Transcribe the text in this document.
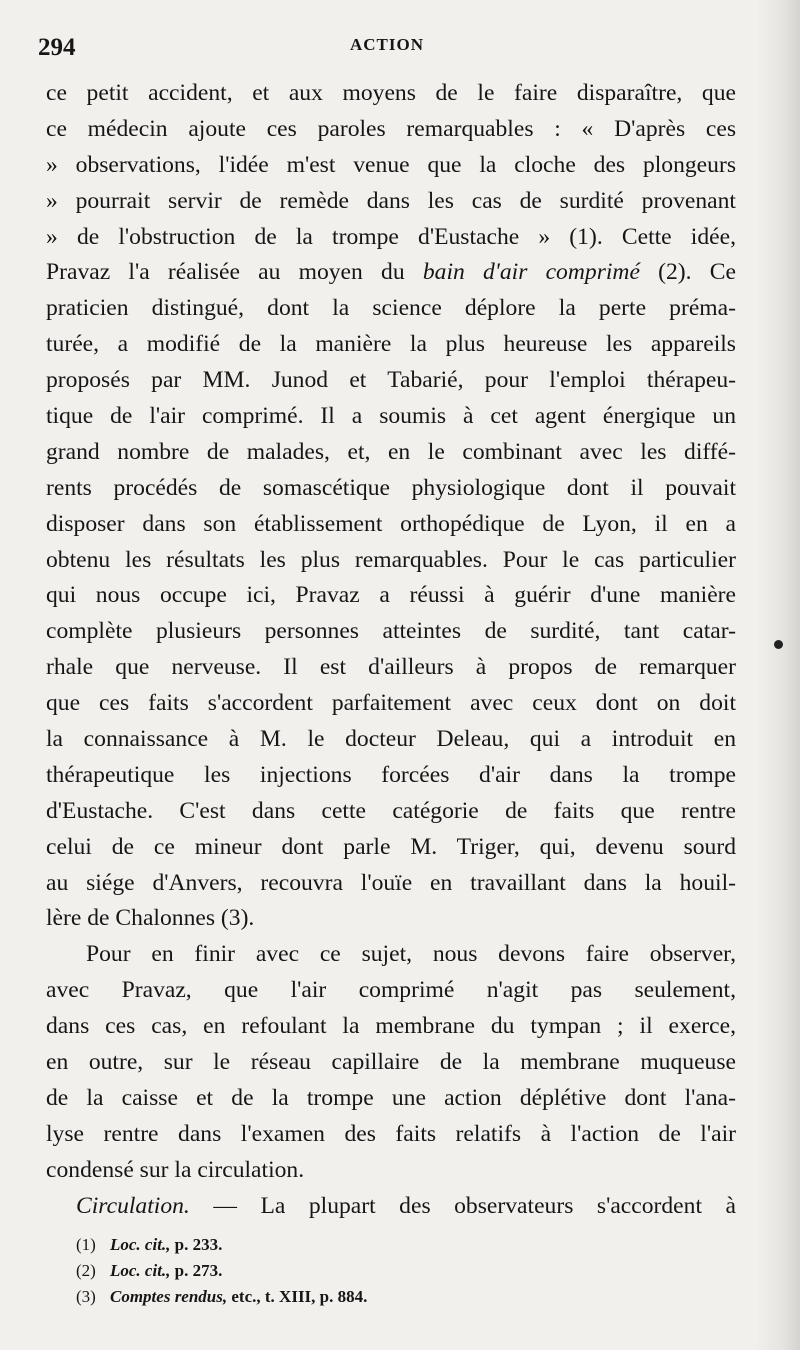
294	ACTION
ce petit accident, et aux moyens de le faire disparaître, que
ce médecin ajoute ces paroles remarquables : « D'après ces
» observations, l'idée m'est venue que la cloche des plongeurs
» pourrait servir de remède dans les cas de surdité provenant
» de l'obstruction de la trompe d'Eustache » (1). Cette idée,
Pravaz l'a réalisée au moyen du bain d'air comprimé (2). Ce
praticien distingué, dont la science déplore la perte préma-
turée, a modifié de la manière la plus heureuse les appareils
proposés par MM. Junod et Tabarié, pour l'emploi thérapeu-
tique de l'air comprimé. Il a soumis à cet agent énergique un
grand nombre de malades, et, en le combinant avec les diffé-
rents procédés de somascétique physiologique dont il pouvait
disposer dans son établissement orthopédique de Lyon, il en a
obtenu les résultats les plus remarquables. Pour le cas particulier
qui nous occupe ici, Pravaz a réussi à guérir d'une manière
complète plusieurs personnes atteintes de surdité, tant catar-
rhale que nerveuse. Il est d'ailleurs à propos de remarquer
que ces faits s'accordent parfaitement avec ceux dont on doit
la connaissance à M. le docteur Deleau, qui a introduit en
thérapeutique les injections forcées d'air dans la trompe
d'Eustache. C'est dans cette catégorie de faits que rentre
celui de ce mineur dont parle M. Triger, qui, devenu sourd
au siége d'Anvers, recouvra l'ouïe en travaillant dans la houil-
lère de Chalonnes (3).
Pour en finir avec ce sujet, nous devons faire observer,
avec Pravaz, que l'air comprimé n'agit pas seulement,
dans ces cas, en refoulant la membrane du tympan ; il exerce,
en outre, sur le réseau capillaire de la membrane muqueuse
de la caisse et de la trompe une action déplétive dont l'ana-
lyse rentre dans l'examen des faits relatifs à l'action de l'air
condensé sur la circulation.
Circulation. — La plupart des observateurs s'accordent à
(1) Loc. cit., p. 233.
(2) Loc. cit., p. 273.
(3) Comptes rendus, etc., t. XIII, p. 884.
